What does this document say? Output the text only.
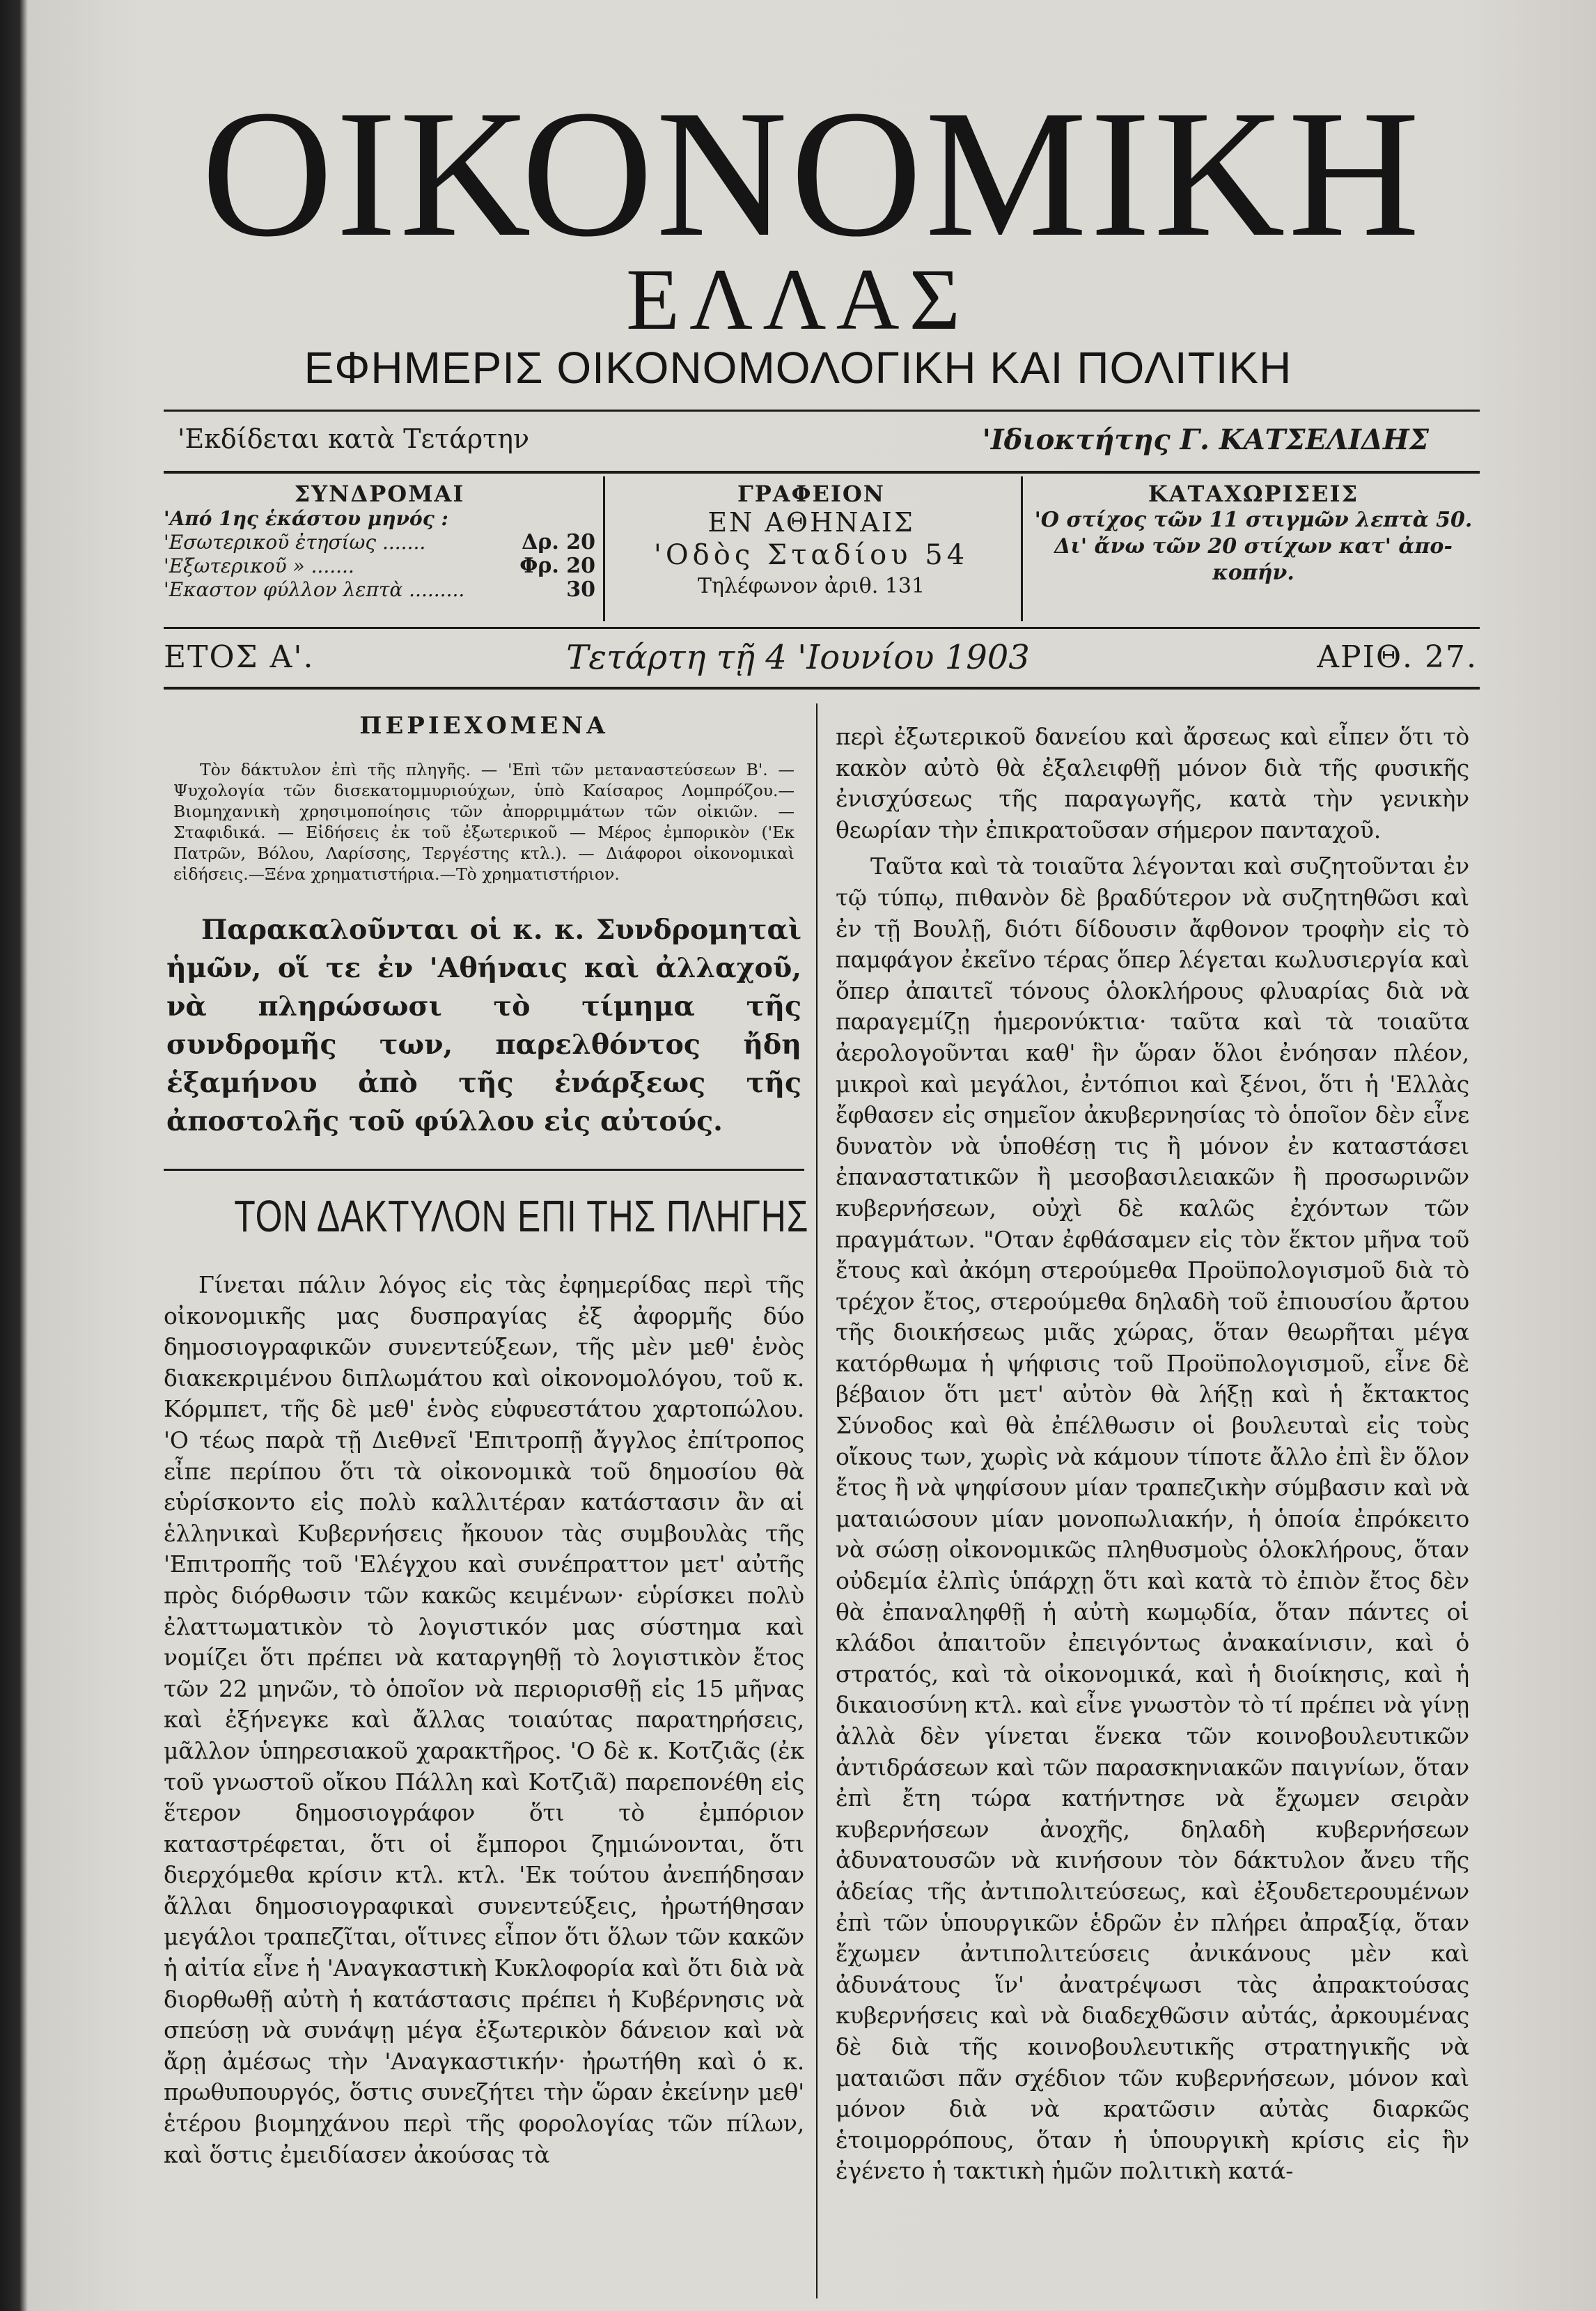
ΟΙΚΟΝΟΜΙΚΗ
ΕΛΛΑΣ
ΕΦΗΜΕΡΙΣ ΟΙΚΟΝΟΜΟΛΟΓΙΚΗ ΚΑΙ ΠΟΛΙΤΙΚΗ
'Εκδίδεται κατὰ Τετάρτην	'Ιδιοκτήτης Γ. ΚΑΤΣΕΛΙΔΗΣ
ΣΥΝΔΡΟΜΑΙ
'Από 1ης ἑκάστου μηνός :
'Εσωτερικοῦ ἐτησίως .......	Δρ. 20
'Εξωτερικοῦ » .......	Φρ. 20
'Εκαστον φύλλον λεπτὰ .........	30
ΓΡΑΦΕΙΟΝ
ΕΝ ΑΘΗΝΑΙΣ
'Οδὸς Σταδίου 54
Τηλέφωνον ἀριθ. 131
ΚΑΤΑΧΩΡΙΣΕΙΣ
'Ο στίχος τῶν 11 στιγμῶν λεπτὰ 50.
Δι' ἄνω τῶν 20 στίχων κατ' ἀπο-
κοπήν.
ΕΤΟΣ Α'.	Τετάρτη τῇ 4 'Ιουνίου 1903	ΑΡΙΘ. 27.
ΠΕΡΙΕΧΟΜΕΝΑ
Τὸν δάκτυλον ἐπὶ τῆς πληγῆς. — 'Επὶ τῶν μεταναστεύσεων Β'. — Ψυχολογία τῶν δισεκατομμυριούχων, ὑπὸ Καίσαρος Λομπρόζου.—Βιομηχανικὴ χρησιμοποίησις τῶν ἀπορριμμάτων τῶν οἰκιῶν. — Σταφιδικά. — Εἰδήσεις ἐκ τοῦ ἐξωτερικοῦ — Μέρος ἐμπορικὸν ('Εκ Πατρῶν, Βόλου, Λαρίσσης, Τεργέστης κτλ.). — Διάφοροι οἰκονομικαὶ εἰδήσεις.—Ξένα χρηματιστήρια.—Τὸ χρηματιστήριον.
Παρακαλοῦνται οἱ κ. κ. Συνδρομηταὶ ἡμῶν, οἵ τε ἐν 'Αθήναις καὶ ἀλλαχοῦ, νὰ πληρώσωσι τὸ τίμημα τῆς συνδρομῆς των, παρελθόντος ἤδη ἑξαμήνου ἀπὸ τῆς ἐνάρξεως τῆς ἀποστολῆς τοῦ φύλλου εἰς αὐτούς.
ΤΟΝ ΔΑΚΤΥΛΟΝ ΕΠΙ ΤΗΣ ΠΛΗΓΗΣ

Γίνεται πάλιν λόγος εἰς τὰς ἐφημερίδας περὶ τῆς οἰκονομικῆς μας δυσπραγίας ἐξ ἀφορμῆς δύο δημοσιογραφικῶν συνεντεύξεων, τῆς μὲν μεθ' ἑνὸς διακεκριμένου διπλωμάτου καὶ οἰκονομολόγου, τοῦ κ. Κόρμπετ, τῆς δὲ μεθ' ἑνὸς εὐφυεστάτου χαρτοπώλου. 'Ο τέως παρὰ τῇ Διεθνεῖ 'Επιτροπῇ ἄγγλος ἐπίτροπος εἶπε περίπου ὅτι τὰ οἰκονομικὰ τοῦ δημοσίου θὰ εὑρίσκοντο εἰς πολὺ καλλιτέραν κατάστασιν ἂν αἱ ἑλληνικαὶ Κυβερνήσεις ἤκουον τὰς συμβουλὰς τῆς 'Επιτροπῆς τοῦ 'Ελέγχου καὶ συνέπραττον μετ' αὐτῆς πρὸς διόρθωσιν τῶν κακῶς κειμένων· εὑρίσκει πολὺ ἐλαττωματικὸν τὸ λογιστικόν μας σύστημα καὶ νομίζει ὅτι πρέπει νὰ καταργηθῇ τὸ λογιστικὸν ἔτος τῶν 22 μηνῶν, τὸ ὁποῖον νὰ περιορισθῇ εἰς 15 μῆνας καὶ ἐξήνεγκε καὶ ἄλλας τοιαύτας παρατηρήσεις, μᾶλλον ὑπηρεσιακοῦ χαρακτῆρος. 'Ο δὲ κ. Κοτζιᾶς (ἐκ τοῦ γνωστοῦ οἴκου Πάλλη καὶ Κοτζιᾶ) παρεπονέθη εἰς ἕτερον δημοσιογράφον ὅτι τὸ ἐμπόριον καταστρέφεται, ὅτι οἱ ἔμποροι ζημιώνονται, ὅτι διερχόμεθα κρίσιν κτλ. κτλ. 'Εκ τούτου ἀνεπήδησαν ἄλλαι δημοσιογραφικαὶ συνεντεύξεις, ἠρωτήθησαν μεγάλοι τραπεζῖται, οἵτινες εἶπον ὅτι ὅλων τῶν κακῶν ἡ αἰτία εἶνε ἡ 'Αναγκαστικὴ Κυκλοφορία καὶ ὅτι διὰ νὰ διορθωθῇ αὐτὴ ἡ κατάστασις πρέπει ἡ Κυβέρνησις νὰ σπεύσῃ νὰ συνάψῃ μέγα ἐξωτερικὸν δάνειον καὶ νὰ ἄρῃ ἀμέσως τὴν 'Αναγκαστικήν· ἠρωτήθη καὶ ὁ κ. πρωθυπουργός, ὅστις συνεζήτει τὴν ὥραν ἐκείνην μεθ' ἑτέρου βιομηχάνου περὶ τῆς φορολογίας τῶν πίλων, καὶ ὅστις ἐμειδίασεν ἀκούσας τὰ

περὶ ἐξωτερικοῦ δανείου καὶ ἄρσεως καὶ εἶπεν ὅτι τὸ κακὸν αὐτὸ θὰ ἐξαλειφθῇ μόνον διὰ τῆς φυσικῆς ἐνισχύσεως τῆς παραγωγῆς, κατὰ τὴν γενικὴν θεωρίαν τὴν ἐπικρατοῦσαν σήμερον πανταχοῦ.

Ταῦτα καὶ τὰ τοιαῦτα λέγονται καὶ συζητοῦνται ἐν τῷ τύπῳ, πιθανὸν δὲ βραδύτερον νὰ συζητηθῶσι καὶ ἐν τῇ Βουλῇ, διότι δίδουσιν ἄφθονον τροφὴν εἰς τὸ παμφάγον ἐκεῖνο τέρας ὅπερ λέγεται κωλυσιεργία καὶ ὅπερ ἀπαιτεῖ τόνους ὁλοκλήρους φλυαρίας διὰ νὰ παραγεμίζῃ ἡμερονύκτια· ταῦτα καὶ τὰ τοιαῦτα ἀερολογοῦνται καθ' ἣν ὥραν ὅλοι ἐνόησαν πλέον, μικροὶ καὶ μεγάλοι, ἐντόπιοι καὶ ξένοι, ὅτι ἡ 'Ελλὰς ἔφθασεν εἰς σημεῖον ἀκυβερνησίας τὸ ὁποῖον δὲν εἶνε δυνατὸν νὰ ὑποθέσῃ τις ἢ μόνον ἐν καταστάσει ἐπαναστατικῶν ἢ μεσοβασιλειακῶν ἢ προσωρινῶν κυβερνήσεων, οὐχὶ δὲ καλῶς ἐχόντων τῶν πραγμάτων. "Οταν ἐφθάσαμεν εἰς τὸν ἕκτον μῆνα τοῦ ἔτους καὶ ἀκόμη στερούμεθα Προϋπολογισμοῦ διὰ τὸ τρέχον ἔτος, στερούμεθα δηλαδὴ τοῦ ἐπιουσίου ἄρτου τῆς διοικήσεως μιᾶς χώρας, ὅταν θεωρῆται μέγα κατόρθωμα ἡ ψήφισις τοῦ Προϋπολογισμοῦ, εἶνε δὲ βέβαιον ὅτι μετ' αὐτὸν θὰ λήξῃ καὶ ἡ ἔκτακτος Σύνοδος καὶ θὰ ἐπέλθωσιν οἱ βουλευταὶ εἰς τοὺς οἴκους των, χωρὶς νὰ κάμουν τίποτε ἄλλο ἐπὶ ἓν ὅλον ἔτος ἢ νὰ ψηφίσουν μίαν τραπεζικὴν σύμβασιν καὶ νὰ ματαιώσουν μίαν μονοπωλιακήν, ἡ ὁποία ἐπρόκειτο νὰ σώσῃ οἰκονομικῶς πληθυσμοὺς ὁλοκλήρους, ὅταν οὐδεμία ἐλπὶς ὑπάρχῃ ὅτι καὶ κατὰ τὸ ἐπιὸν ἔτος δὲν θὰ ἐπαναληφθῇ ἡ αὐτὴ κωμῳδία, ὅταν πάντες οἱ κλάδοι ἀπαιτοῦν ἐπειγόντως ἀνακαίνισιν, καὶ ὁ στρατός, καὶ τὰ οἰκονομικά, καὶ ἡ διοίκησις, καὶ ἡ δικαιοσύνη κτλ. καὶ εἶνε γνωστὸν τὸ τί πρέπει νὰ γίνῃ ἀλλὰ δὲν γίνεται ἕνεκα τῶν κοινοβουλευτικῶν ἀντιδράσεων καὶ τῶν παρασκηνιακῶν παιγνίων, ὅταν ἐπὶ ἔτη τώρα κατήντησε νὰ ἔχωμεν σειρὰν κυβερνήσεων ἀνοχῆς, δηλαδὴ κυβερνήσεων ἀδυνατουσῶν νὰ κινήσουν τὸν δάκτυλον ἄνευ τῆς ἀδείας τῆς ἀντιπολιτεύσεως, καὶ ἐξουδετερουμένων ἐπὶ τῶν ὑπουργικῶν ἑδρῶν ἐν πλήρει ἀπραξίᾳ, ὅταν ἔχωμεν ἀντιπολιτεύσεις ἀνικάνους μὲν καὶ ἀδυνάτους ἵν' ἀνατρέψωσι τὰς ἀπρακτούσας κυβερνήσεις καὶ νὰ διαδεχθῶσιν αὐτάς, ἀρκουμένας δὲ διὰ τῆς κοινοβουλευτικῆς στρατηγικῆς νὰ ματαιῶσι πᾶν σχέδιον τῶν κυβερνήσεων, μόνον καὶ μόνον διὰ νὰ κρατῶσιν αὐτὰς διαρκῶς ἑτοιμορρόπους, ὅταν ἡ ὑπουργικὴ κρίσις εἰς ἣν ἐγένετο ἡ τακτικὴ ἡμῶν πολιτικὴ κατά-
